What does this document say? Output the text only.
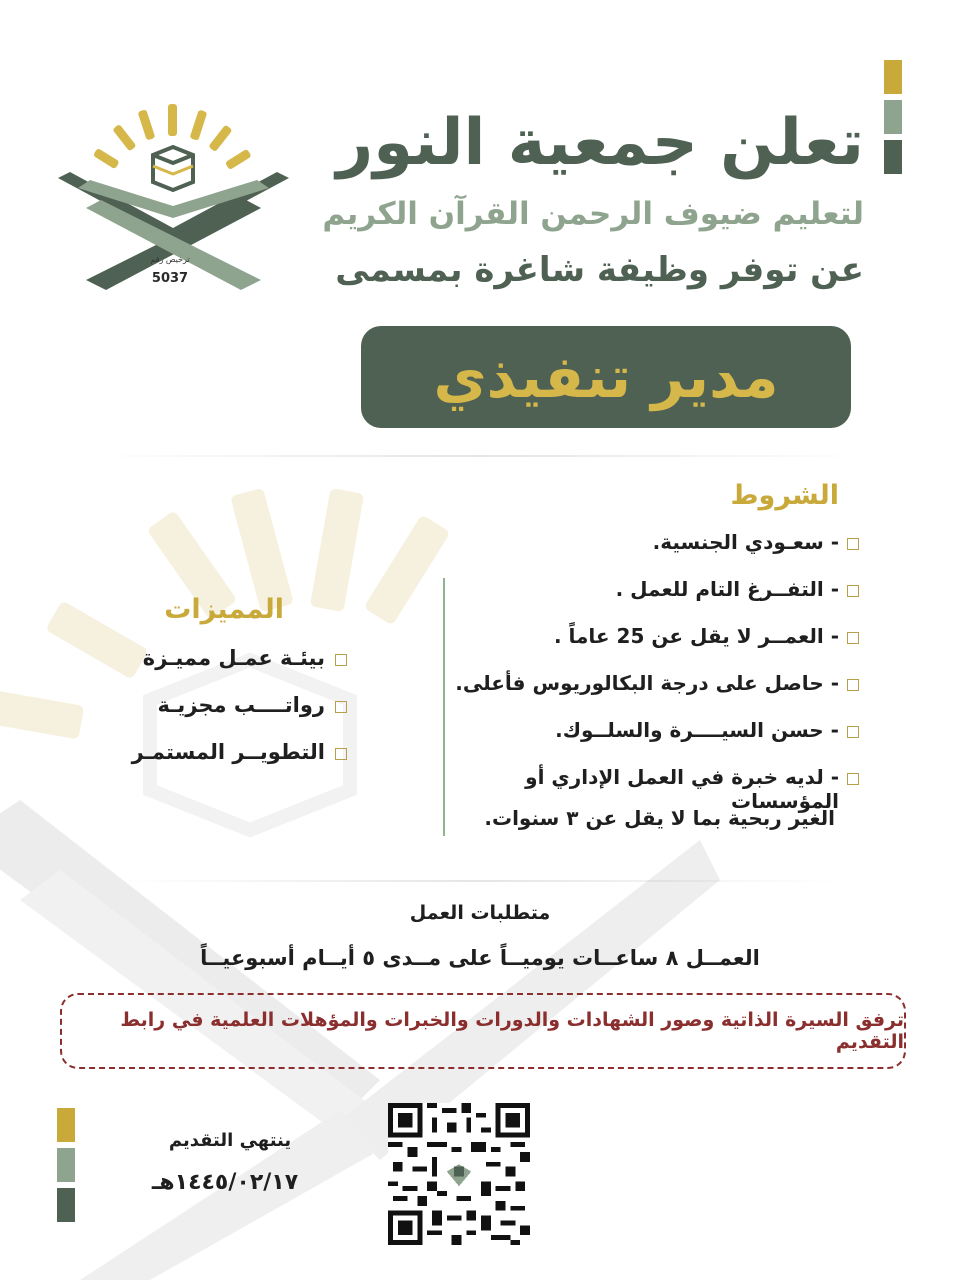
تعلن جمعية النور
لتعليم ضيوف الرحمن القرآن الكريم
عن توفر وظيفة شاغرة بمسمى
ترخيص رقم
5037
مدير تنفيذي
الشروط
- سعـودي الجنسية.
- التفــرغ التام للعمل .
- العمــر لا يقل عن 25 عاماً .
- حاصل على درجة البكالوريوس فأعلى.
- حسن السيــــرة والسلــوك.
- لديه خبرة في العمل الإداري أو المؤسسات
الغير ربحية بما لا يقل عن ٣ سنوات.
المميزات
بيئـة عمـل مميـزة
رواتــــب مجزيـة
التطويــر المستمـر
متطلبات العمل
العمــل ٨ ساعــات يوميــاً على مــدى ٥ أيــام أسبوعيــاً
ترفق السيرة الذاتية وصور الشهادات والدورات والخبرات والمؤهلات العلمية في رابط التقديم
ينتهي التقديم
١٤٤٥/٠٢/١٧هـ
